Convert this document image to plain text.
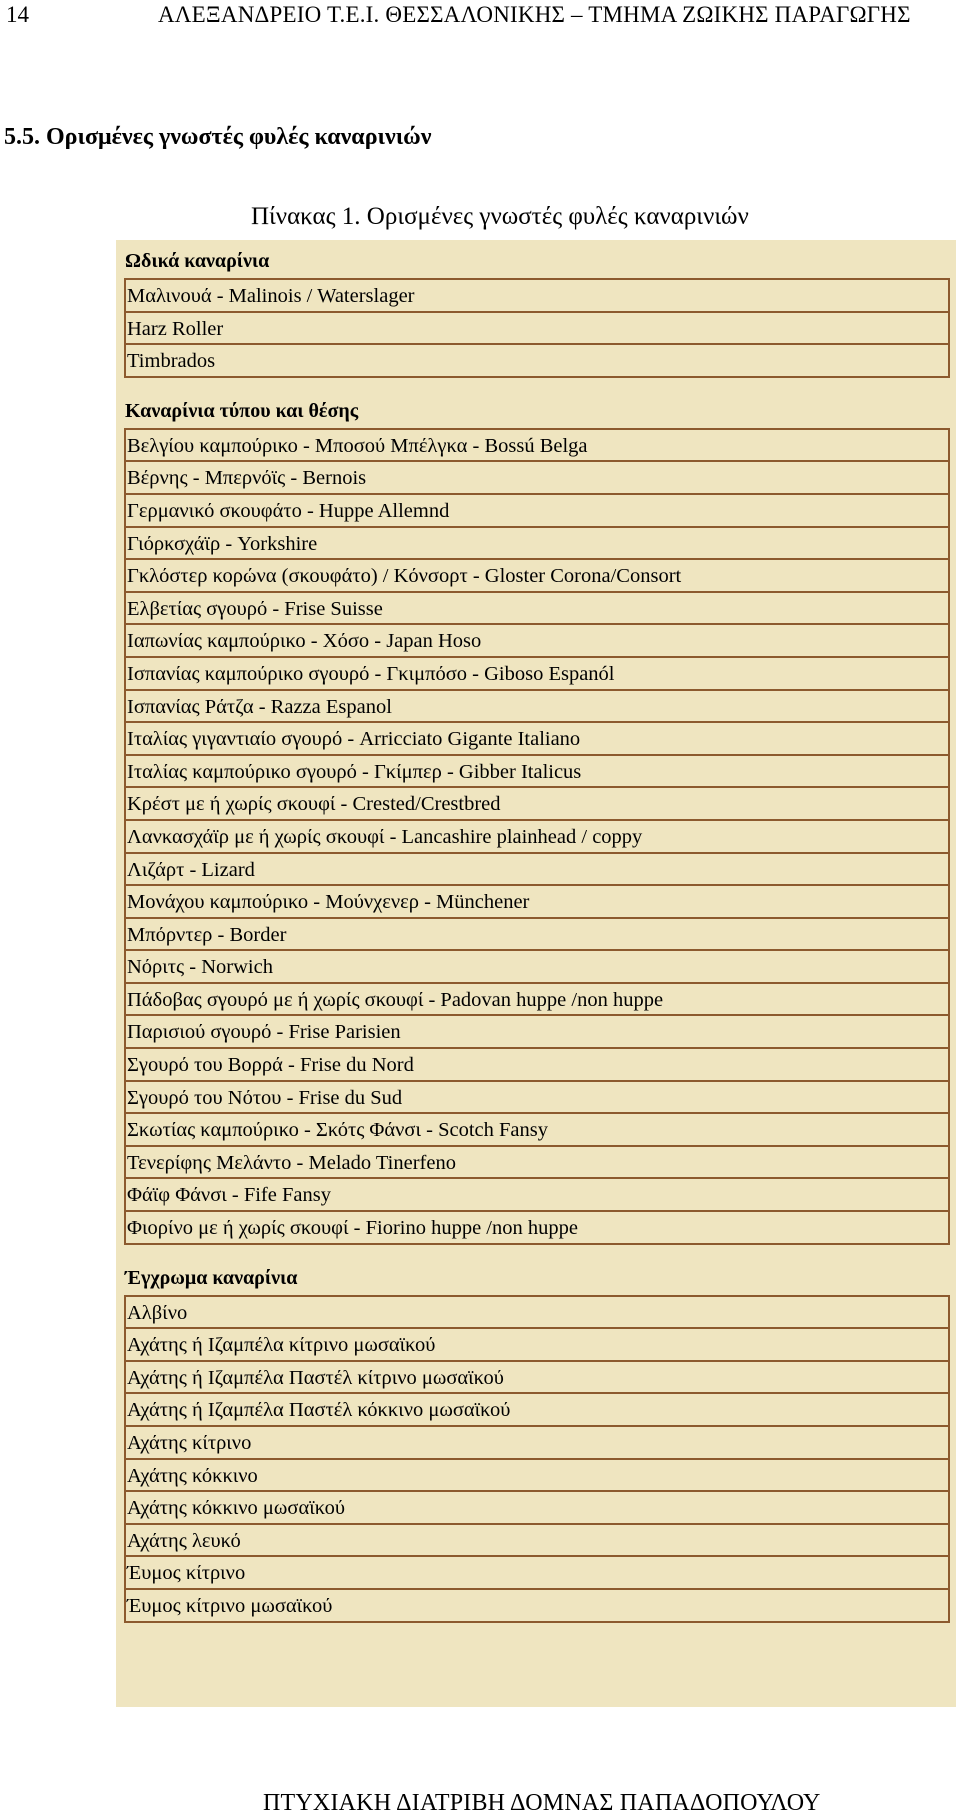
14	ΑΛΕΞΑΝΔΡΕΙΟ Τ.Ε.Ι. ΘΕΣΣΑΛΟΝΙΚΗΣ – ΤΜΗΜΑ ΖΩΙΚΗΣ ΠΑΡΑΓΩΓΗΣ
5.5. Ορισμένες γνωστές φυλές καναρινιών
Πίνακας 1. Ορισμένες γνωστές φυλές καναρινιών
Ωδικά καναρίνια
Μαλινουά - Malinois / Waterslager
Harz Roller
Timbrados
Καναρίνια τύπου και θέσης
Βελγίου καμπούρικο - Μποσού Μπέλγκα - Bossú Belga
Βέρνης - Μπερνόϊς - Bernois
Γερμανικό σκουφάτο - Huppe Allemnd
Γιόρκσχάϊρ - Yorkshire
Γκλόστερ κορώνα (σκουφάτο) / Κόνσορτ - Gloster Corona/Consort
Ελβετίας σγουρό - Frise Suisse
Ιαπωνίας καμπούρικο - Χόσο - Japan Hoso
Ισπανίας καμπούρικο σγουρό - Γκιμπόσο - Giboso Espanól
Ισπανίας Ράτζα - Razza Espanol
Ιταλίας γιγαντιαίο σγουρό - Arricciato Gigante Italiano
Ιταλίας καμπούρικο σγουρό - Γκίμπερ - Gibber Italicus
Κρέστ με ή χωρίς σκουφί - Crested/Crestbred
Λανκασχάϊρ με ή χωρίς σκουφί - Lancashire plainhead / coppy
Λιζάρτ - Lizard
Μονάχου καμπούρικο - Μούνχενερ - Münchener
Μπόρντερ - Border
Νόριτς - Norwich
Πάδοβας σγουρό με ή χωρίς σκουφί - Padovan huppe /non huppe
Παρισιού σγουρό - Frise Parisien
Σγουρό του Βορρά - Frise du Nord
Σγουρό του Νότου - Frise du Sud
Σκωτίας καμπούρικο - Σκότς Φάνσι - Scotch Fansy
Τενερίφης Μελάντο - Melado Tinerfeno
Φάϊφ Φάνσι - Fife Fansy
Φιορίνο με ή χωρίς σκουφί - Fiorino huppe /non huppe
Έγχρωμα καναρίνια
Αλβίνο
Αχάτης ή Ιζαμπέλα κίτρινο μωσαϊκού
Αχάτης ή Ιζαμπέλα Παστέλ κίτρινο μωσαϊκού
Αχάτης ή Ιζαμπέλα Παστέλ κόκκινο μωσαϊκού
Αχάτης κίτρινο
Αχάτης κόκκινο
Αχάτης κόκκινο μωσαϊκού
Αχάτης λευκό
Έυμος κίτρινο
Έυμος κίτρινο μωσαϊκού
ΠΤΥΧΙΑΚΗ ΔΙΑΤΡΙΒΗ ΔΟΜΝΑΣ ΠΑΠΑΔΟΠΟΥΛΟΥ
